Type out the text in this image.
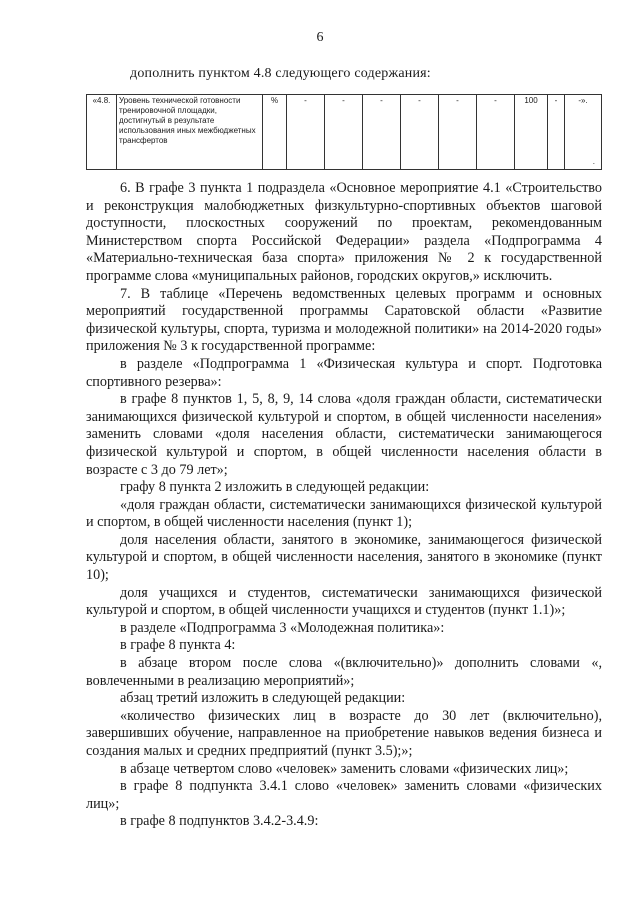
6
дополнить пунктом 4.8 следующего содержания:
«4.8.	Уровень технической готовности тренировочной площадки, достигнутый в результате использования иных межбюджетных трансфертов	%	-	-	-	-	-	-	100	-	-».
.

6. В графе 3 пункта 1 подраздела «Основное мероприятие 4.1 «Строительство и реконструкция малобюджетных физкультурно-спортивных объектов шаговой доступности, плоскостных сооружений по проектам, рекомендованным Министерством спорта Российской Федерации» раздела «Подпрограмма 4 «Материально-техническая база спорта» приложения № 2 к государственной программе слова «муниципальных районов, городских округов,» исключить.

7. В таблице «Перечень ведомственных целевых программ и основных мероприятий государственной программы Саратовской области «Развитие физической культуры, спорта, туризма и молодежной политики» на 2014-2020 годы» приложения № 3 к государственной программе:

в разделе «Подпрограмма 1 «Физическая культура и спорт. Подготовка спортивного резерва»:

в графе 8 пунктов 1, 5, 8, 9, 14 слова «доля граждан области, систематически занимающихся физической культурой и спортом, в общей численности населения» заменить словами «доля населения области, систематически занимающегося физической культурой и спортом, в общей численности населения области в возрасте с 3 до 79 лет»;

графу 8 пункта 2 изложить в следующей редакции:

«доля граждан области, систематически занимающихся физической культурой и спортом, в общей численности населения (пункт 1);

доля населения области, занятого в экономике, занимающегося физической культурой и спортом, в общей численности населения, занятого в экономике (пункт 10);

доля учащихся и студентов, систематически занимающихся физической культурой и спортом, в общей численности учащихся и студентов (пункт 1.1)»;

в разделе «Подпрограмма 3 «Молодежная политика»:

в графе 8 пункта 4:

в абзаце втором после слова «(включительно)» дополнить словами «, вовлеченными в реализацию мероприятий»;

абзац третий изложить в следующей редакции:

«количество физических лиц в возрасте до 30 лет (включительно), завершивших обучение, направленное на приобретение навыков ведения бизнеса и создания малых и средних предприятий (пункт 3.5);»;

в абзаце четвертом слово «человек» заменить словами «физических лиц»;

в графе 8 подпункта 3.4.1 слово «человек» заменить словами «физических лиц»;

в графе 8 подпунктов 3.4.2-3.4.9:
